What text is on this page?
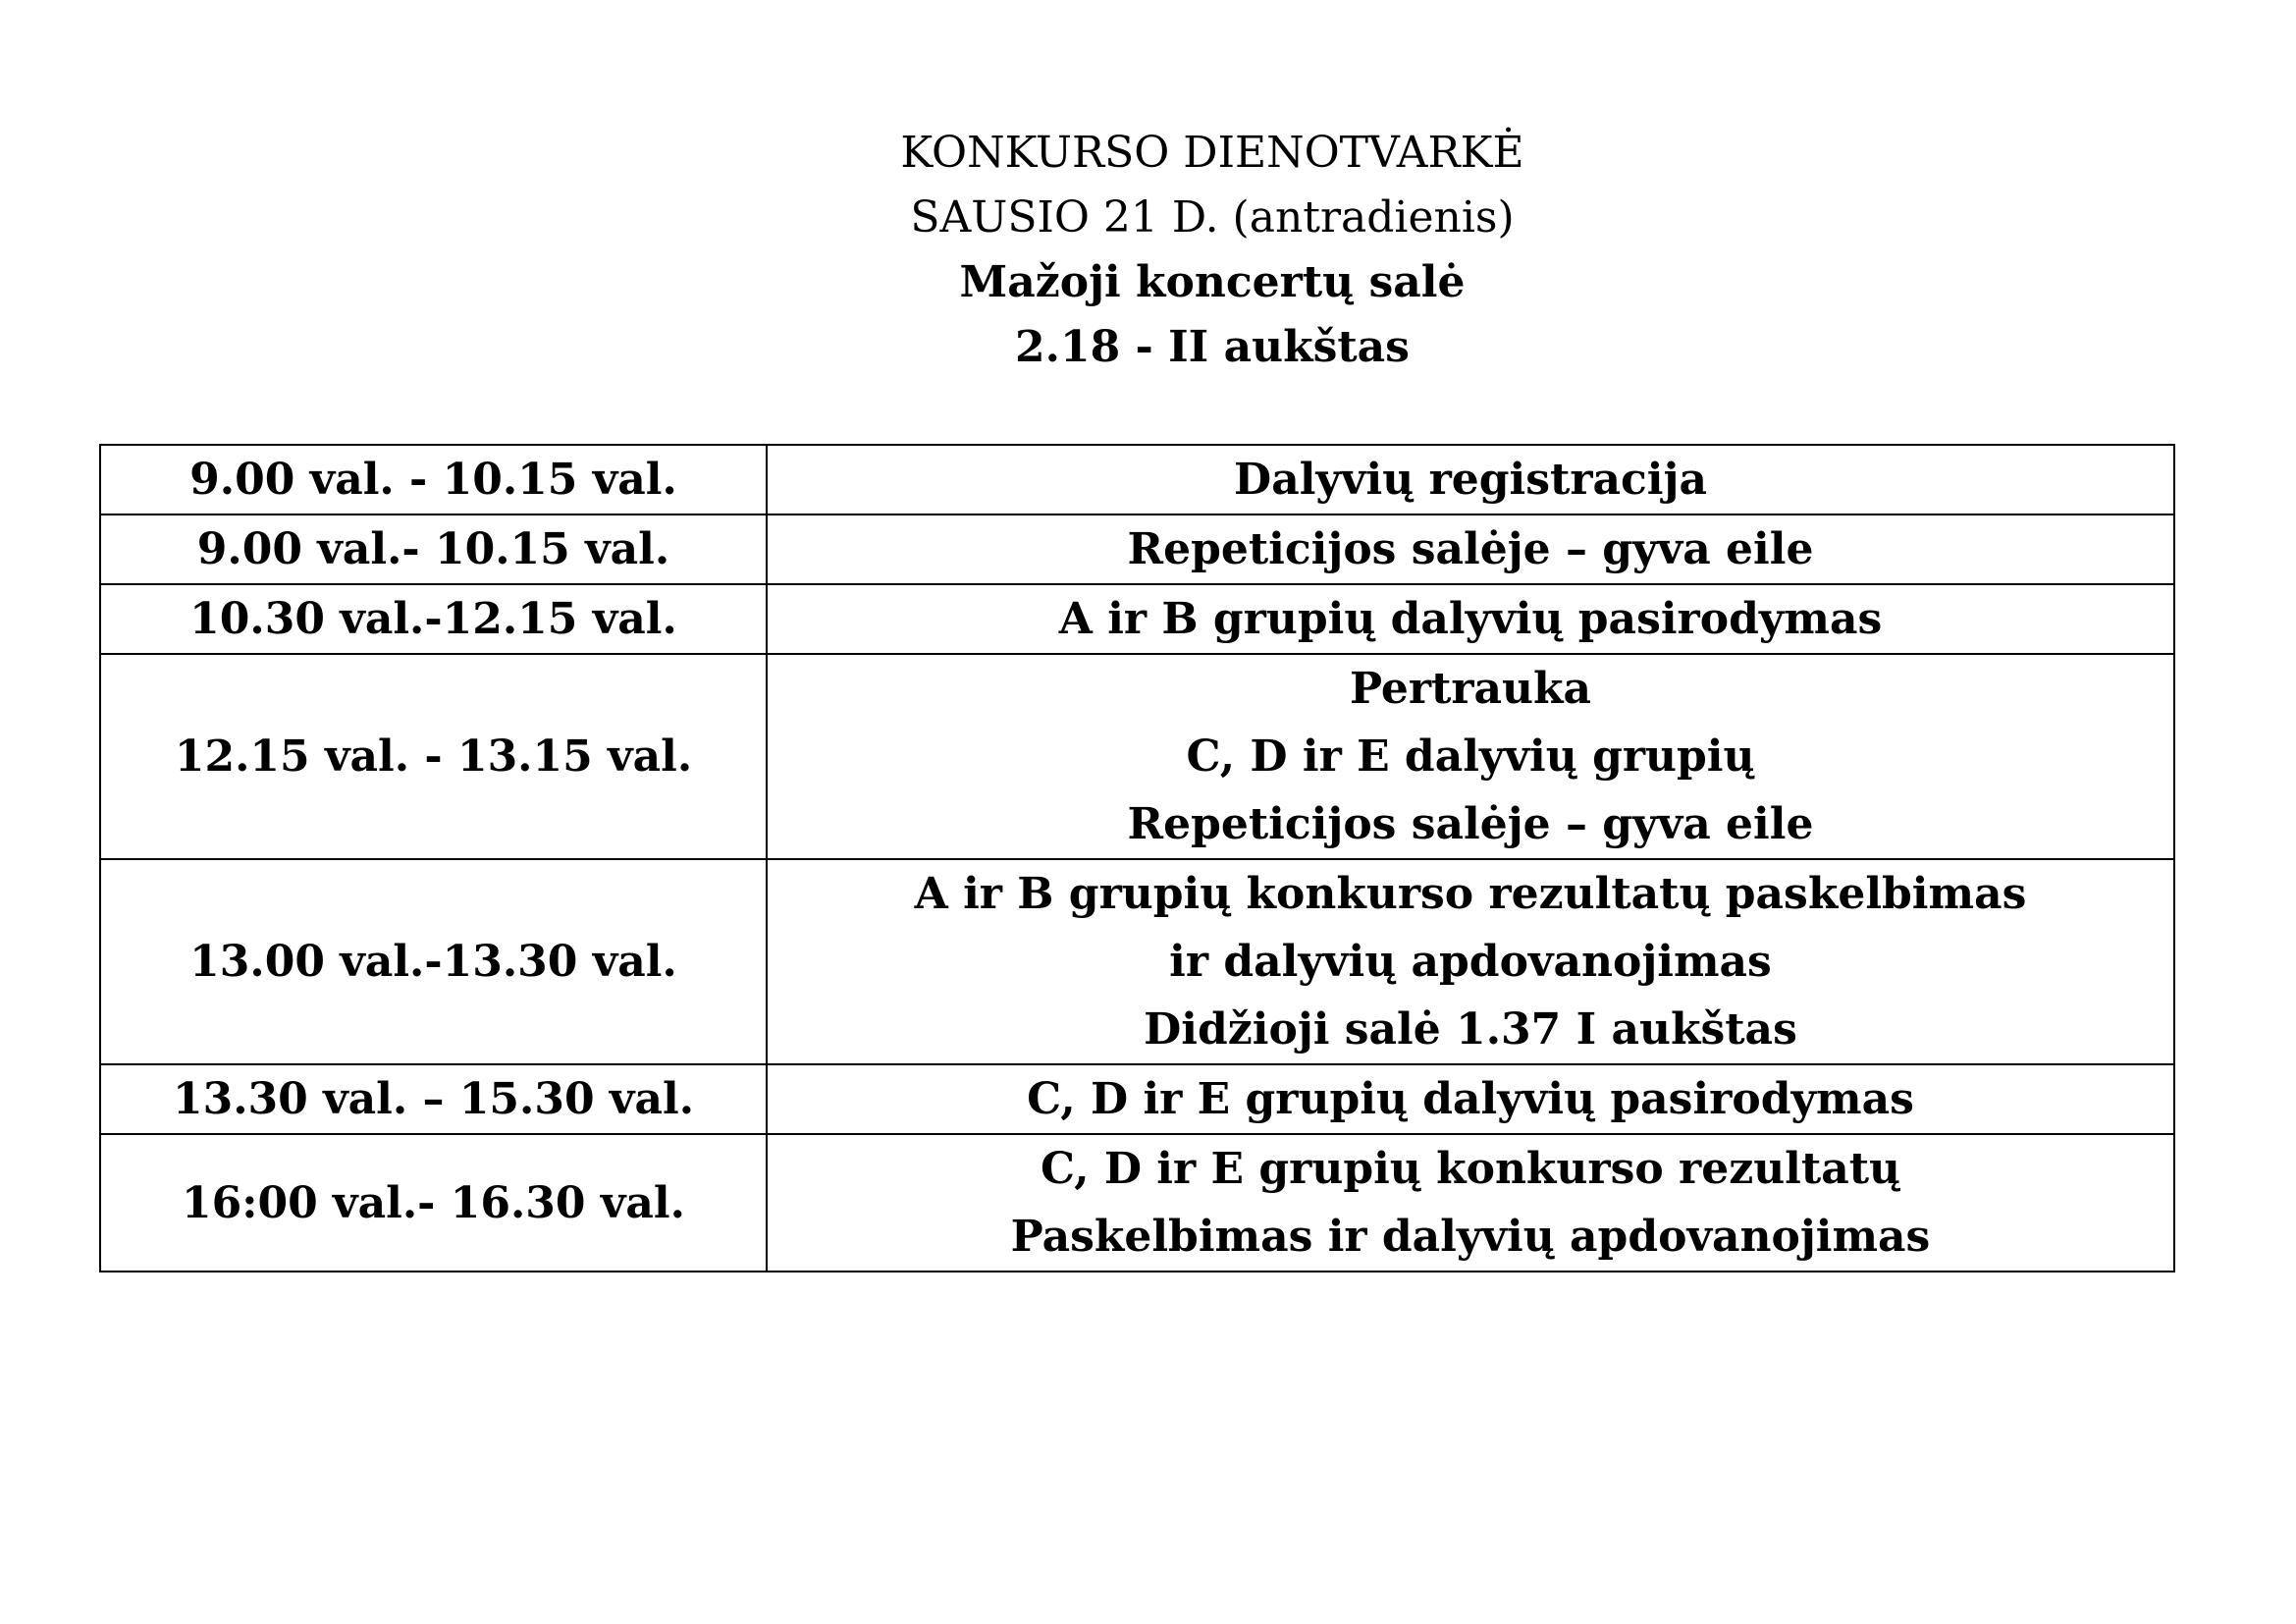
KONKURSO DIENOTVARKĖ
SAUSIO 21 D. (antradienis)
Mažoji koncertų salė
2.18 - II aukštas
9.00 val. - 10.15 val.	Dalyvių registracija

9.00 val.- 10.15 val.	Repeticijos salėje – gyva eile

10.30 val.-12.15 val.	A ir B grupių dalyvių pasirodymas

12.15 val. - 13.15 val.	Pertrauka
C, D ir E dalyvių grupių
Repeticijos salėje – gyva eile

13.00 val.-13.30 val.	A ir B grupių konkurso rezultatų paskelbimas
ir dalyvių apdovanojimas
Didžioji salė 1.37 I aukštas

13.30 val. – 15.30 val.	C, D ir E grupių dalyvių pasirodymas

16:00 val.- 16.30 val.	C, D ir E grupių konkurso rezultatų
Paskelbimas ir dalyvių apdovanojimas
